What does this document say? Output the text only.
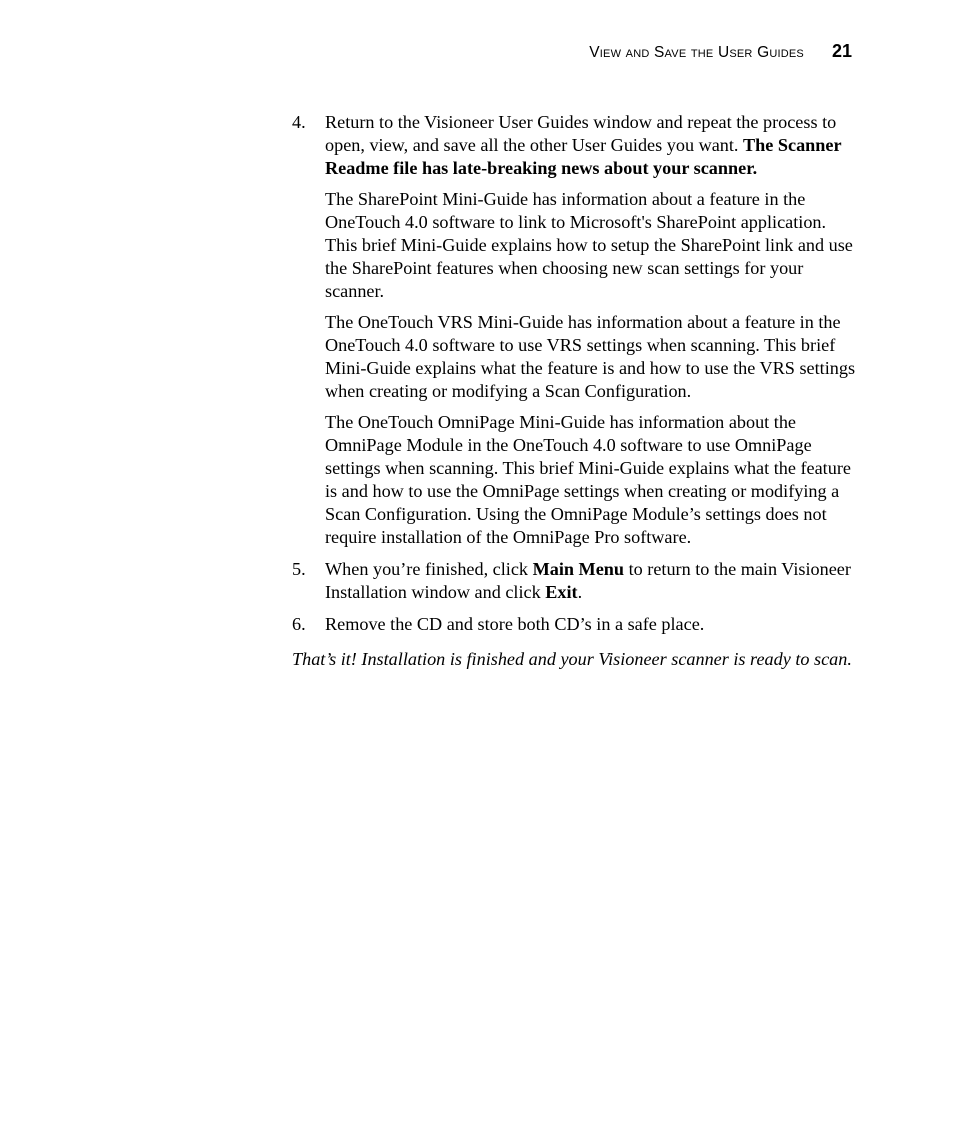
View and Save the User Guides 21
4.	Return to the Visioneer User Guides window and repeat the process to open, view, and save all the other User Guides you want. The Scanner Readme file has late-breaking news about your scanner.

The SharePoint Mini-Guide has information about a feature in the OneTouch 4.0 software to link to Microsoft's SharePoint application. This brief Mini-Guide explains how to setup the SharePoint link and use the SharePoint features when choosing new scan settings for your scanner.

The OneTouch VRS Mini-Guide has information about a feature in the OneTouch 4.0 software to use VRS settings when scanning. This brief Mini-Guide explains what the feature is and how to use the VRS settings when creating or modifying a Scan Configuration.

The OneTouch OmniPage Mini-Guide has information about the OmniPage Module in the OneTouch 4.0 software to use OmniPage settings when scanning. This brief Mini-Guide explains what the feature is and how to use the OmniPage settings when creating or modifying a Scan Configuration. Using the OmniPage Module’s settings does not require installation of the OmniPage Pro software.

5.	When you’re finished, click Main Menu to return to the main Visioneer Installation window and click Exit.

6.	Remove the CD and store both CD’s in a safe place.

That’s it! Installation is finished and your Visioneer scanner is ready to scan.
